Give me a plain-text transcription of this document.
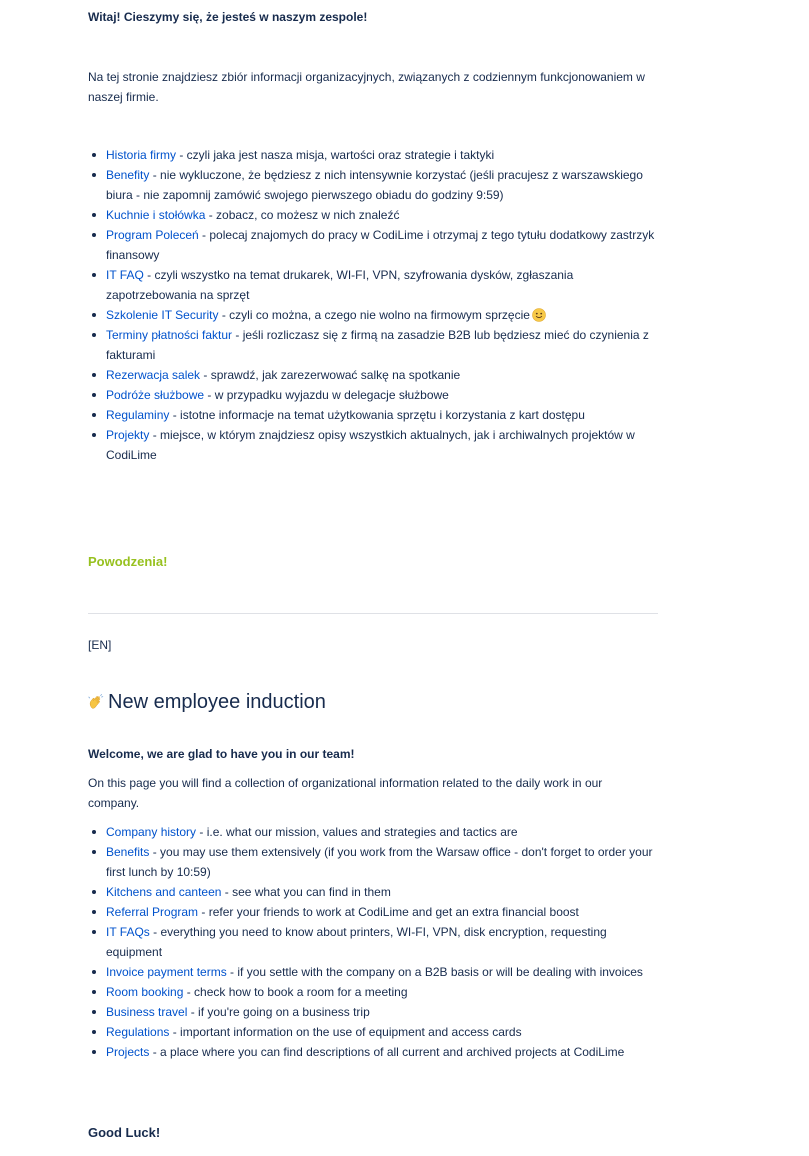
Witaj! Cieszymy się, że jesteś w naszym zespole!
Na tej stronie znajdziesz zbiór informacji organizacyjnych, związanych z codziennym funkcjonowaniem w naszej firmie.
Historia firmy - czyli jaka jest nasza misja, wartości oraz strategie i taktyki
Benefity - nie wykluczone, że będziesz z nich intensywnie korzystać (jeśli pracujesz z warszawskiego biura - nie zapomnij zamówić swojego pierwszego obiadu do godziny 9:59)
Kuchnie i stołówka - zobacz, co możesz w nich znaleźć
Program Poleceń - polecaj znajomych do pracy w CodiLime i otrzymaj z tego tytułu dodatkowy zastrzyk finansowy
IT FAQ - czyli wszystko na temat drukarek, WI-FI, VPN, szyfrowania dysków, zgłaszania zapotrzebowania na sprzęt
Szkolenie IT Security - czyli co można, a czego nie wolno na firmowym sprzęcie
Terminy płatności faktur - jeśli rozliczasz się z firmą na zasadzie B2B lub będziesz mieć do czynienia z fakturami
Rezerwacja salek - sprawdź, jak zarezerwować salkę na spotkanie
Podróże służbowe - w przypadku wyjazdu w delegacje służbowe
Regulaminy - istotne informacje na temat użytkowania sprzętu i korzystania z kart dostępu
Projekty - miejsce, w którym znajdziesz opisy wszystkich aktualnych, jak i archiwalnych projektów w CodiLime
Powodzenia!
[EN]
New employee induction
Welcome, we are glad to have you in our team!
On this page you will find a collection of organizational information related to the daily work in our company.
Company history - i.e. what our mission, values and strategies and tactics are
Benefits - you may use them extensively (if you work from the Warsaw office - don't forget to order your first lunch by 10:59)
Kitchens and canteen - see what you can find in them
Referral Program - refer your friends to work at CodiLime and get an extra financial boost
IT FAQs - everything you need to know about printers, WI-FI, VPN, disk encryption, requesting equipment
Invoice payment terms - if you settle with the company on a B2B basis or will be dealing with invoices
Room booking - check how to book a room for a meeting
Business travel - if you're going on a business trip
Regulations - important information on the use of equipment and access cards
Projects - a place where you can find descriptions of all current and archived projects at CodiLime
Good Luck!
